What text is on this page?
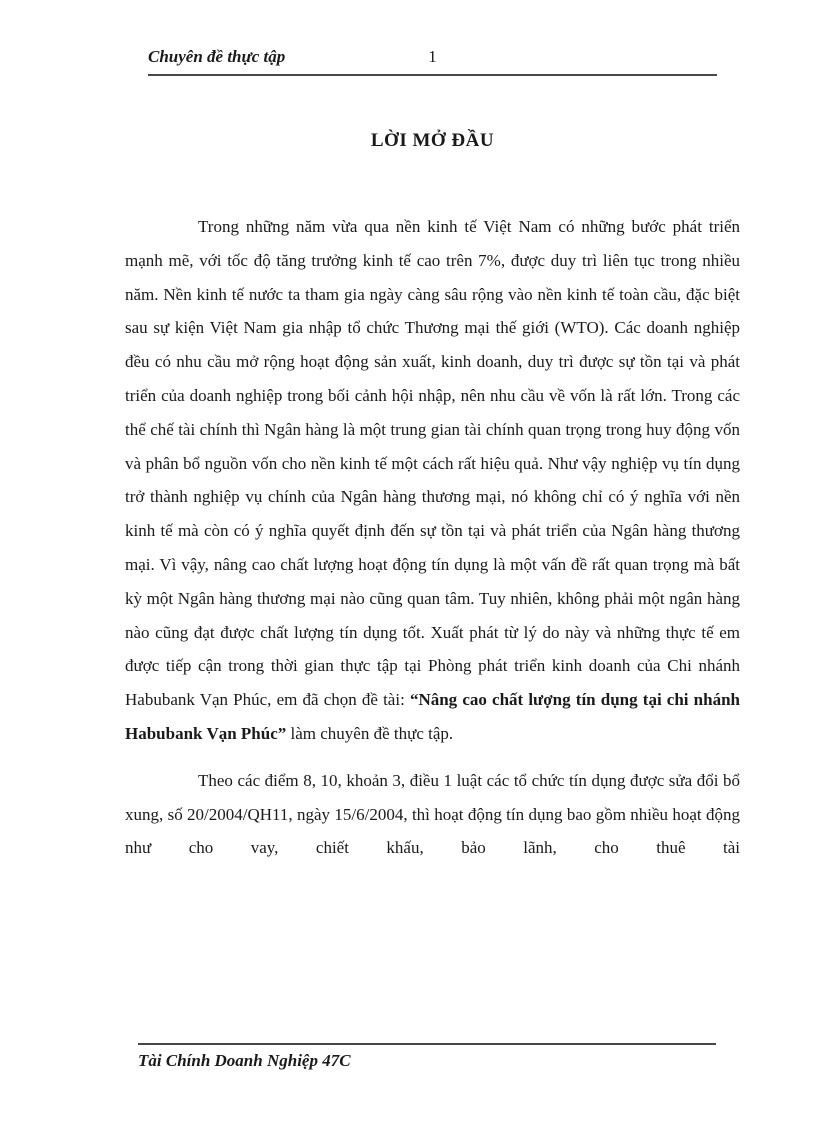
Chuyên đề thực tập	1
LỜI MỞ ĐẦU

Trong những năm vừa qua nền kinh tế Việt Nam có những bước phát triển mạnh mẽ, với tốc độ tăng trưởng kinh tế cao trên 7%, được duy trì liên tục trong nhiều năm. Nền kinh tế nước ta tham gia ngày càng sâu rộng vào nền kinh tế toàn cầu, đặc biệt sau sự kiện Việt Nam gia nhập tổ chức Thương mại thế giới (WTO). Các doanh nghiệp đều có nhu cầu mở rộng hoạt động sản xuất, kinh doanh, duy trì được sự tồn tại và phát triển của doanh nghiệp trong bối cảnh hội nhập, nên nhu cầu về vốn là rất lớn. Trong các thể chế tài chính thì Ngân hàng là một trung gian tài chính quan trọng trong huy động vốn và phân bổ nguồn vốn cho nền kinh tế một cách rất hiệu quả. Như vậy nghiệp vụ tín dụng trở thành nghiệp vụ chính của Ngân hàng thương mại, nó không chỉ có ý nghĩa với nền kinh tế mà còn có ý nghĩa quyết định đến sự tồn tại và phát triển của Ngân hàng thương mại. Vì vậy, nâng cao chất lượng hoạt động tín dụng là một vấn đề rất quan trọng mà bất kỳ một Ngân hàng thương mại nào cũng quan tâm. Tuy nhiên, không phải một ngân hàng nào cũng đạt được chất lượng tín dụng tốt. Xuất phát từ lý do này và những thực tế em được tiếp cận trong thời gian thực tập tại Phòng phát triển kinh doanh của Chi nhánh Habubank Vạn Phúc, em đã chọn đề tài: “Nâng cao chất lượng tín dụng tại chi nhánh Habubank Vạn Phúc” làm chuyên đề thực tập.

Theo các điểm 8, 10, khoản 3, điều 1 luật các tổ chức tín dụng được sửa đổi bổ xung, số 20/2004/QH11, ngày 15/6/2004, thì hoạt động tín dụng bao gồm nhiều hoạt động như cho vay, chiết khấu, bảo lãnh, cho thuê tài

Tài Chính Doanh Nghiệp 47C
